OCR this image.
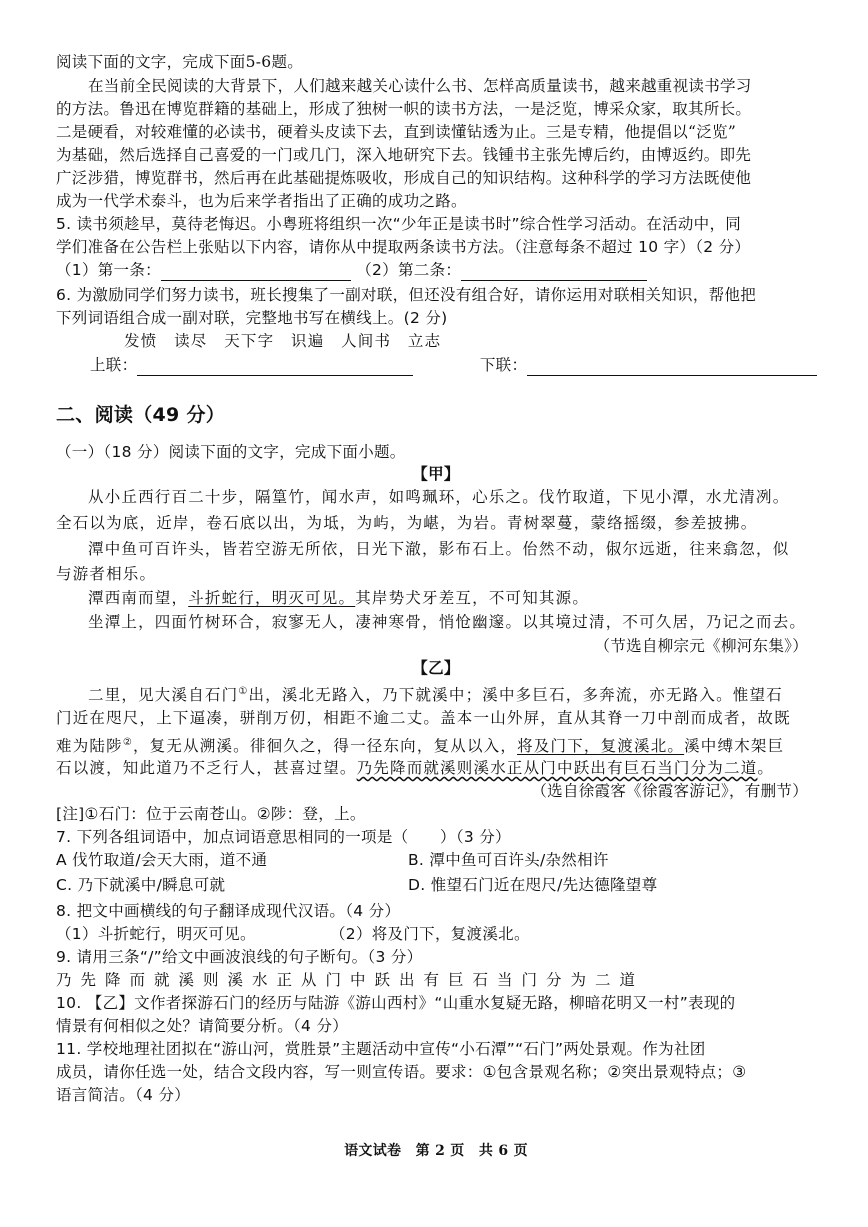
阅读下面的文字，完成下面5-6题。
在当前全民阅读的大背景下，人们越来越关心读什么书、怎样高质量读书，越来越重视读书学习
的方法。鲁迅在博览群籍的基础上，形成了独树一帜的读书方法，一是泛览，博采众家，取其所长。
二是硬看，对较难懂的必读书，硬着头皮读下去，直到读懂钻透为止。三是专精，他提倡以“泛览”
为基础，然后选择自己喜爱的一门或几门，深入地研究下去。钱锺书主张先博后约，由博返约。即先
广泛涉猎，博览群书，然后再在此基础提炼吸收，形成自己的知识结构。这种科学的学习方法既使他
成为一代学术泰斗，也为后来学者指出了正确的成功之路。
5. 读书须趁早，莫待老悔迟。小粤班将组织一次“少年正是读书时”综合性学习活动。在活动中，同
学们准备在公告栏上张贴以下内容，请你从中提取两条读书方法。（注意每条不超过 10 字）（2 分）
（1）第一条：	（2）第二条：
6. 为激励同学们努力读书，班长搜集了一副对联，但还没有组合好，请你运用对联相关知识，帮他把
下列词语组合成一副对联，完整地书写在横线上。(2 分)
发愤　读尽　天下字　识遍　人间书　立志
上联：	下联：
二、阅读（49 分）
（一）（18 分）阅读下面的文字，完成下面小题。
【甲】
从小丘西行百二十步，隔篁竹，闻水声，如鸣珮环，心乐之。伐竹取道，下见小潭，水尤清冽。
全石以为底，近岸，卷石底以出，为坻，为屿，为嵁，为岩。青树翠蔓，蒙络摇缀，参差披拂。
潭中鱼可百许头，皆若空游无所依，日光下澈，影布石上。佁然不动，俶尔远逝，往来翕忽，似
与游者相乐。
潭西南而望，斗折蛇行，明灭可见。其岸势犬牙差互，不可知其源。
坐潭上，四面竹树环合，寂寥无人，凄神寒骨，悄怆幽邃。以其境过清，不可久居，乃记之而去。
（节选自柳宗元《柳河东集》）
【乙】
二里，见大溪自石门①出，溪北无路入，乃下就溪中；溪中多巨石，多奔流，亦无路入。惟望石
门近在咫尺，上下逼凑，骈削万仞，相距不逾二丈。盖本一山外屏，直从其脊一刀中剖而成者，故既
难为陆陟②，复无从溯溪。徘徊久之，得一径东向，复从以入，将及门下，复渡溪北。溪中缚木架巨
石以渡，知此道乃不乏行人，甚喜过望。乃先降而就溪则溪水正从门中跃出有巨石当门分为二道。
（选自徐霞客《徐霞客游记》，有删节）
[注]①石门：位于云南苍山。②陟：登，上。
7. 下列各组词语中，加点词语意思相同的一项是（　　）（3 分）
A 伐竹取道/会天大雨，道不通	B. 潭中鱼可百许头/杂然相许
C. 乃下就溪中/瞬息可就	D. 惟望石门近在咫尺/先达德隆望尊
8. 把文中画横线的句子翻译成现代汉语。（4 分）
（1）斗折蛇行，明灭可见。	（2）将及门下，复渡溪北。
9. 请用三条“/”给文中画波浪线的句子断句。（3 分）
乃先降而就溪则溪水正从门中跃出有巨石当门分为二道
10. 【乙】文作者探游石门的经历与陆游《游山西村》“山重水复疑无路，柳暗花明又一村”表现的
情景有何相似之处？请简要分析。（4 分）
11. 学校地理社团拟在“游山河，赏胜景”主题活动中宣传“小石潭”“石门”两处景观。作为社团
成员，请你任选一处，结合文段内容，写一则宣传语。要求：①包含景观名称；②突出景观特点；③
语言简洁。（4 分）
语文试卷　第 2 页　共 6 页
